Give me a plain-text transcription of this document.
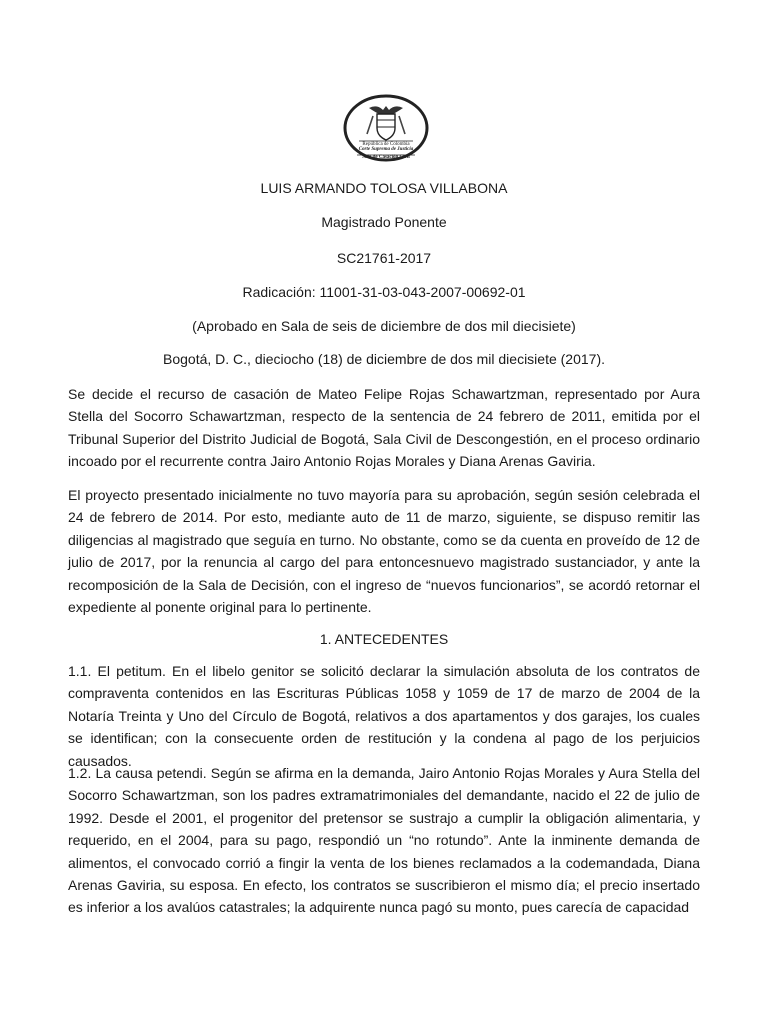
República de Colombia
Corte Suprema de Justicia
Sala de Casación Civil
LUIS ARMANDO TOLOSA VILLABONA
Magistrado Ponente
SC21761-2017
Radicación: 11001-31-03-043-2007-00692-01
(Aprobado en Sala de seis de diciembre de dos mil diecisiete)
Bogotá, D. C., dieciocho (18) de diciembre de dos mil diecisiete (2017).

Se decide el recurso de casación de Mateo Felipe Rojas Schawartzman, representado por Aura Stella del Socorro Schawartzman, respecto de la sentencia de 24 febrero de 2011, emitida por el Tribunal Superior del Distrito Judicial de Bogotá, Sala Civil de Descongestión, en el proceso ordinario incoado por el recurrente contra Jairo Antonio Rojas Morales y Diana Arenas Gaviria.

El proyecto presentado inicialmente no tuvo mayoría para su aprobación, según sesión celebrada el 24 de febrero de 2014. Por esto, mediante auto de 11 de marzo, siguiente, se dispuso remitir las diligencias al magistrado que seguía en turno. No obstante, como se da cuenta en proveído de 12 de julio de 2017, por la renuncia al cargo del para entoncesnuevo magistrado sustanciador, y ante la recomposición de la Sala de Decisión, con el ingreso de “nuevos funcionarios”, se acordó retornar el expediente al ponente original para lo pertinente.

1. ANTECEDENTES

1.1. El petitum. En el libelo genitor se solicitó declarar la simulación absoluta de los contratos de compraventa contenidos en las Escrituras Públicas 1058 y 1059 de 17 de marzo de 2004 de la Notaría Treinta y Uno del Círculo de Bogotá, relativos a dos apartamentos y dos garajes, los cuales se identifican; con la consecuente orden de restitución y la condena al pago de los perjuicios causados.

1.2. La causa petendi. Según se afirma en la demanda, Jairo Antonio Rojas Morales y Aura Stella del Socorro Schawartzman, son los padres extramatrimoniales del demandante, nacido el 22 de julio de 1992. Desde el 2001, el progenitor del pretensor se sustrajo a cumplir la obligación alimentaria, y requerido, en el 2004, para su pago, respondió un “no rotundo”. Ante la inminente demanda de alimentos, el convocado corrió a fingir la venta de los bienes reclamados a la codemandada, Diana Arenas Gaviria, su esposa. En efecto, los contratos se suscribieron el mismo día; el precio insertado es inferior a los avalúos catastrales; la adquirente nunca pagó su monto, pues carecía de capacidad
